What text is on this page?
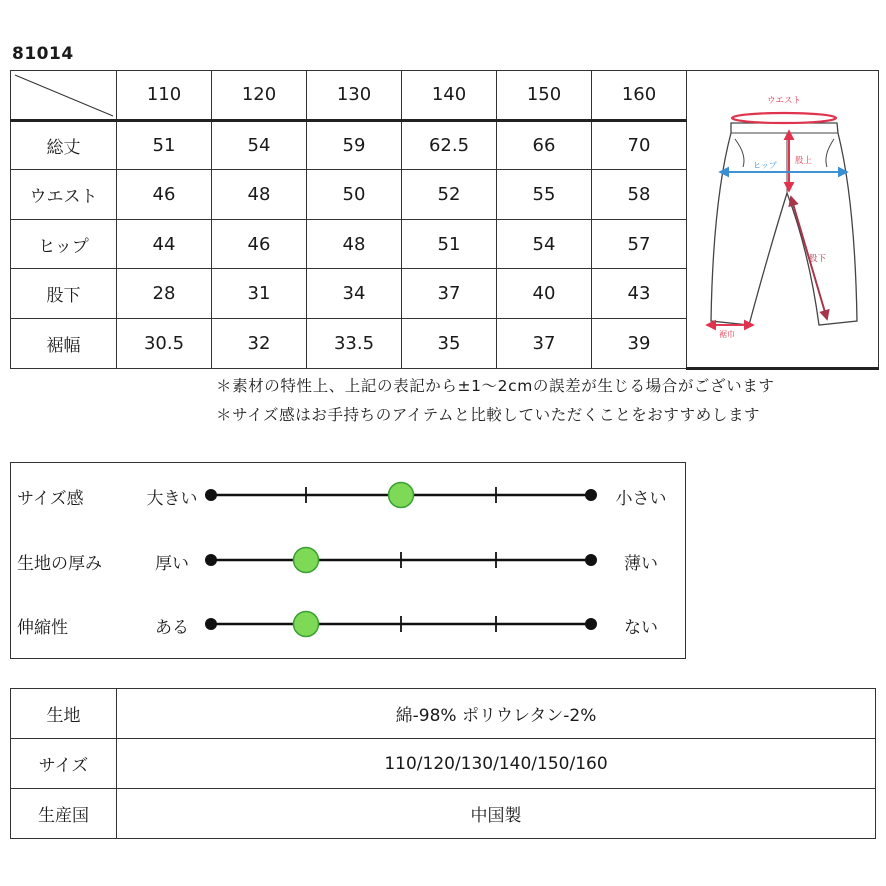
81014
	110	120	130	140	150	160	ウエスト
股上
ヒップ
股下
裾巾

総丈	51	54	59	62.5	66	70	
ウエスト	46	48	50	52	55	58	
ヒップ	44	46	48	51	54	57	
股下	28	31	34	37	40	43	
裾幅	30.5	32	33.5	35	37	39	
＊素材の特性上、上記の表記から±1～2cmの誤差が生じる場合がございます
＊サイズ感はお手持ちのアイテムと比較していただくことをおすすめします
サイズ感	大きい	小さい
生地の厚み	厚い	薄い
伸縮性	ある	ない
生地	綿-98% ポリウレタン-2%
サイズ	110/120/130/140/150/160
生産国	中国製
